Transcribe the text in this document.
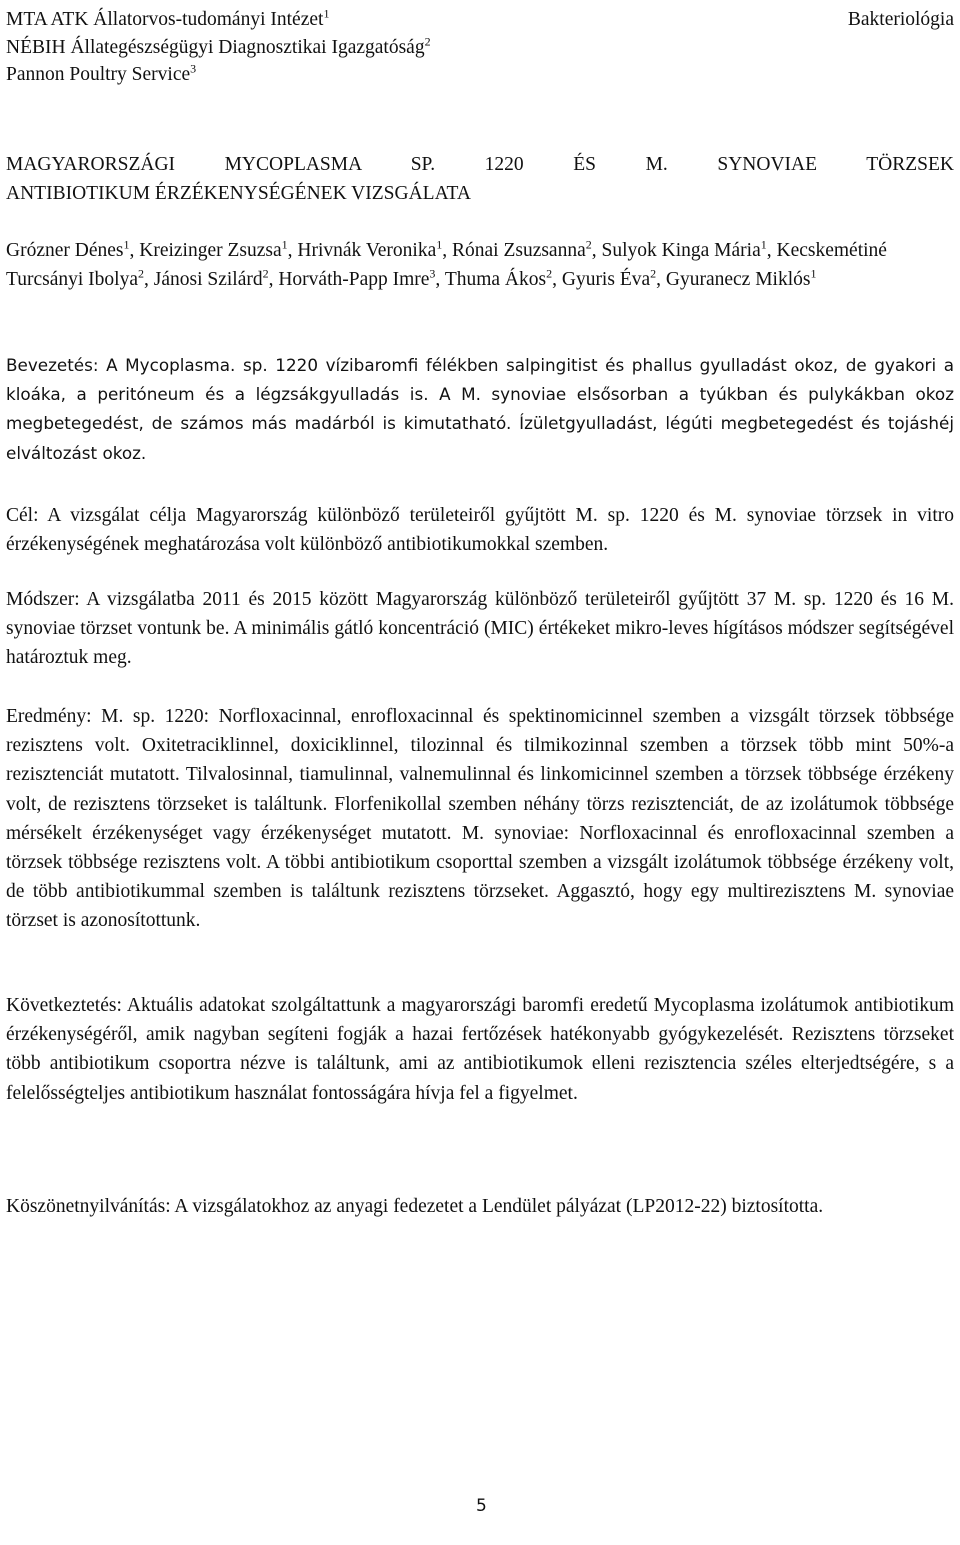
MTA ATK Állatorvos-tudományi Intézet$^1$
NÉBIH Állategészségügyi Diagnosztikai Igazgatóság$^2$
Pannon Poultry Service$^3$
Bakteriológia
MAGYARORSZÁGI MYCOPLASMA SP. 1220 ÉS M. SYNOVIAE TÖRZSEK
ANTIBIOTIKUM ÉRZÉKENYSÉGÉNEK VIZSGÁLATA
Grózner Dénes$^1$, Kreizinger Zsuzsa$^1$, Hrivnák Veronika$^1$, Rónai Zsuzsanna$^2$, Sulyok Kinga Mária$^1$, Kecskemétiné Turcsányi Ibolya$^2$, Jánosi Szilárd$^2$, Horváth-Papp Imre$^3$, Thuma Ákos$^2$, Gyuris Éva$^2$, Gyuranecz Miklós$^1$
Bevezetés: A Mycoplasma. sp. 1220 vízibaromfi félékben salpingitist és phallus gyulladást okoz, de gyakori a kloáka, a peritóneum és a légzsákgyulladás is. A M. synoviae elsősorban a tyúkban és pulykákban okoz megbetegedést, de számos más madárból is kimutatható. Ízületgyulladást, légúti megbetegedést és tojáshéj elváltozást okoz.
Cél: A vizsgálat célja Magyarország különböző területeiről gyűjtött M. sp. 1220 és M. synoviae törzsek in vitro érzékenységének meghatározása volt különböző antibiotikumokkal szemben.
Módszer: A vizsgálatba 2011 és 2015 között Magyarország különböző területeiről gyűjtött 37 M. sp. 1220 és 16 M. synoviae törzset vontunk be. A minimális gátló koncentráció (MIC) értékeket mikro-leves hígításos módszer segítségével határoztuk meg.
Eredmény: M. sp. 1220: Norfloxacinnal, enrofloxacinnal és spektinomicinnel szemben a vizsgált törzsek többsége rezisztens volt. Oxitetraciklinnel, doxiciklinnel, tilozinnal és tilmikozinnal szemben a törzsek több mint 50%-a rezisztenciát mutatott. Tilvalosinnal, tiamulinnal, valnemulinnal és linkomicinnel szemben a törzsek többsége érzékeny volt, de rezisztens törzseket is találtunk. Florfenikollal szemben néhány törzs rezisztenciát, de az izolátumok többsége mérsékelt érzékenységet vagy érzékenységet mutatott. M. synoviae: Norfloxacinnal és enrofloxacinnal szemben a törzsek többsége rezisztens volt. A többi antibiotikum csoporttal szemben a vizsgált izolátumok többsége érzékeny volt, de több antibiotikummal szemben is találtunk rezisztens törzseket. Aggasztó, hogy egy multirezisztens M. synoviae törzset is azonosítottunk.
Következtetés: Aktuális adatokat szolgáltattunk a magyarországi baromfi eredetű Mycoplasma izolátumok antibiotikum érzékenységéről, amik nagyban segíteni fogják a hazai fertőzések hatékonyabb gyógykezelését. Rezisztens törzseket több antibiotikum csoportra nézve is találtunk, ami az antibiotikumok elleni rezisztencia széles elterjedtségére, s a felelősségteljes antibiotikum használat fontosságára hívja fel a figyelmet.
Köszönetnyilvánítás: A vizsgálatokhoz az anyagi fedezetet a Lendület pályázat (LP2012-22) biztosította.
5
